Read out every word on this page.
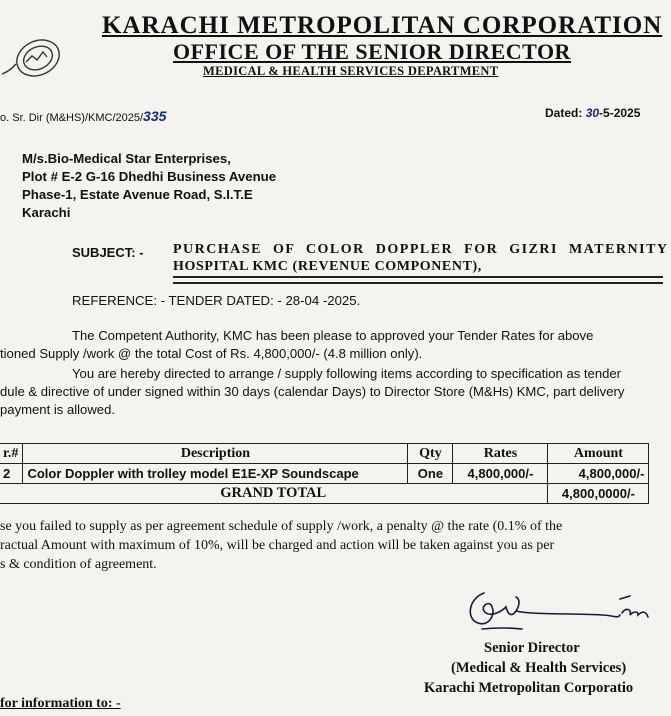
KARACHI METROPOLITAN CORPORATION
OFFICE OF THE SENIOR DIRECTOR
MEDICAL & HEALTH SERVICES DEPARTMENT
o. Sr. Dir (M&HS)/KMC/2025/335	Dated: 30-5-2025
M/s.Bio-Medical Star Enterprises,
Plot # E-2 G-16 Dhedhi Business Avenue
Phase-1, Estate Avenue Road, S.I.T.E
Karachi
SUBJECT: - PURCHASE OF COLOR DOPPLER FOR GIZRI MATERNITY
HOSPITAL KMC (REVENUE COMPONENT),
REFERENCE: - TENDER DATED: - 28-04 -2025.
The Competent Authority, KMC has been please to approved your Tender Rates for above
tioned Supply /work @ the total Cost of Rs. 4,800,000/- (4.8 million only).
You are hereby directed to arrange / supply following items according to specification as tender
dule & directive of under signed within 30 days (calendar Days) to Director Store (M&Hs) KMC, part delivery
payment is allowed.
r.#	Description	Qty	Rates	Amount
2	Color Doppler with trolley model E1E-XP Soundscape	One	4,800,000/-	4,800,000/-
GRAND TOTAL				4,800,0000/-
se you failed to supply as per agreement schedule of supply /work, a penalty @ the rate (0.1% of the
ractual Amount with maximum of 10%, will be charged and action will be taken against you as per
s & condition of agreement.
Senior Director
(Medical & Health Services)
Karachi Metropolitan Corporatio
for information to: -
